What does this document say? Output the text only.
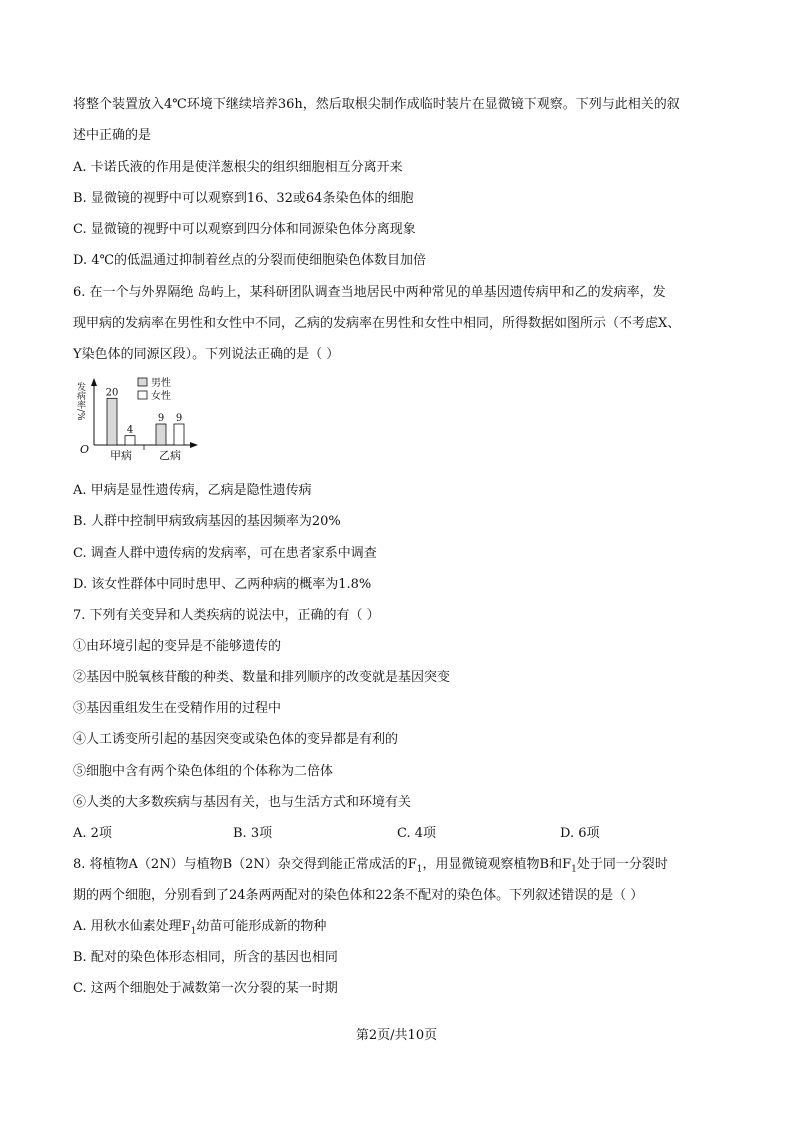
将整个装置放入4℃环境下继续培养36h，然后取根尖制作成临时装片在显微镜下观察。下列与此相关的叙
述中正确的是
A. 卡诺氏液的作用是使洋葱根尖的组织细胞相互分离开来
B. 显微镜的视野中可以观察到16、32或64条染色体的细胞
C. 显微镜的视野中可以观察到四分体和同源染色体分离现象
D. 4℃的低温通过抑制着丝点的分裂而使细胞染色体数目加倍
6. 在一个与外界隔绝 岛屿上，某科研团队调查当地居民中两种常见的单基因遗传病甲和乙的发病率，发
现甲病的发病率在男性和女性中不同，乙病的发病率在男性和女性中相同，所得数据如图所示（不考虑X、
Y染色体的同源区段）。下列说法正确的是（ ）
发病率/%
O
男性
女性
20
4
甲病
9 9
乙病
A. 甲病是显性遗传病，乙病是隐性遗传病
B. 人群中控制甲病致病基因的基因频率为20%
C. 调查人群中遗传病的发病率，可在患者家系中调查
D. 该女性群体中同时患甲、乙两种病的概率为1.8%
7. 下列有关变异和人类疾病的说法中，正确的有（ ）
①由环境引起的变异是不能够遗传的
②基因中脱氧核苷酸的种类、数量和排列顺序的改变就是基因突变
③基因重组发生在受精作用的过程中
④人工诱变所引起的基因突变或染色体的变异都是有利的
⑤细胞中含有两个染色体组的个体称为二倍体
⑥人类的大多数疾病与基因有关，也与生活方式和环境有关
A. 2项	B. 3项	C. 4项	D. 6项
8. 将植物A（2N）与植物B（2N）杂交得到能正常成活的$F_1$，用显微镜观察植物B和$F_1$处于同一分裂时
期的两个细胞，分别看到了24条两两配对的染色体和22条不配对的染色体。下列叙述错误的是（ ）
A. 用秋水仙素处理$F_1$幼苗可能形成新的物种
B. 配对的染色体形态相同，所含的基因也相同
C. 这两个细胞处于减数第一次分裂的某一时期
第2页/共10页
